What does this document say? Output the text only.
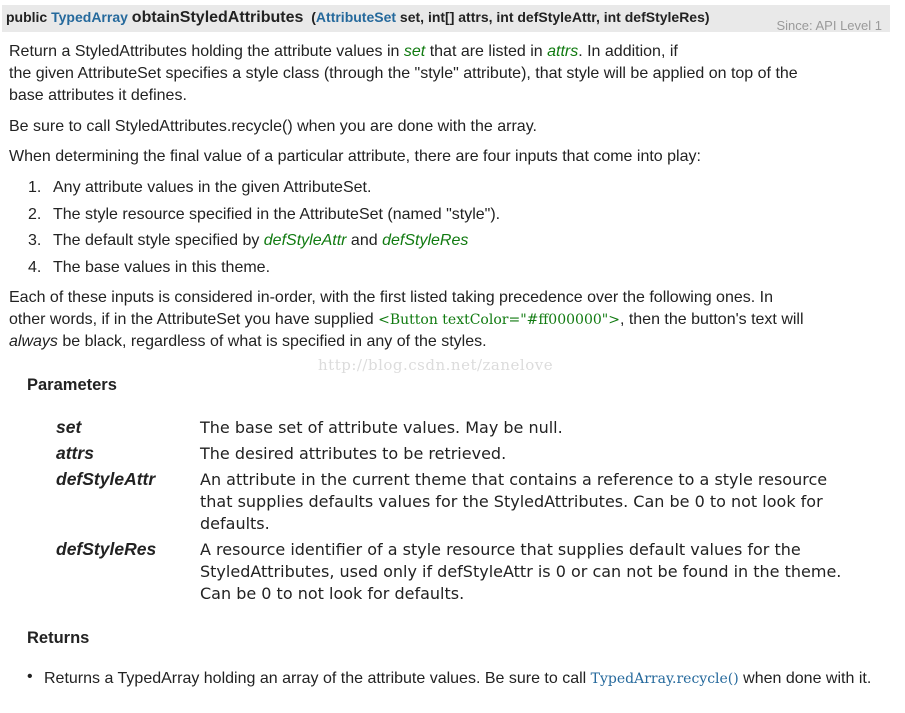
public TypedArray obtainStyledAttributes (AttributeSet set, int[] attrs, int defStyleAttr, int defStyleRes)
Since: API Level 1
Return a StyledAttributes holding the attribute values in set that are listed in attrs. In addition, if
the given AttributeSet specifies a style class (through the "style" attribute), that style will be applied on top of the
base attributes it defines.
Be sure to call StyledAttributes.recycle() when you are done with the array.
When determining the final value of a particular attribute, there are four inputs that come into play:
1. Any attribute values in the given AttributeSet.
2. The style resource specified in the AttributeSet (named "style").
3. The default style specified by defStyleAttr and defStyleRes
4. The base values in this theme.
Each of these inputs is considered in-order, with the first listed taking precedence over the following ones. In
other words, if in the AttributeSet you have supplied <Button textColor="#ff000000">, then the button's text will
always be black, regardless of what is specified in any of the styles.
http://blog.csdn.net/zanelove
Parameters
set	The base set of attribute values. May be null.
attrs	The desired attributes to be retrieved.
defStyleAttr	An attribute in the current theme that contains a reference to a style resource that supplies defaults values for the StyledAttributes. Can be 0 to not look for defaults.
defStyleRes	A resource identifier of a style resource that supplies default values for the StyledAttributes, used only if defStyleAttr is 0 or can not be found in the theme. Can be 0 to not look for defaults.
Returns
• Returns a TypedArray holding an array of the attribute values. Be sure to call TypedArray.recycle() when done with it.
